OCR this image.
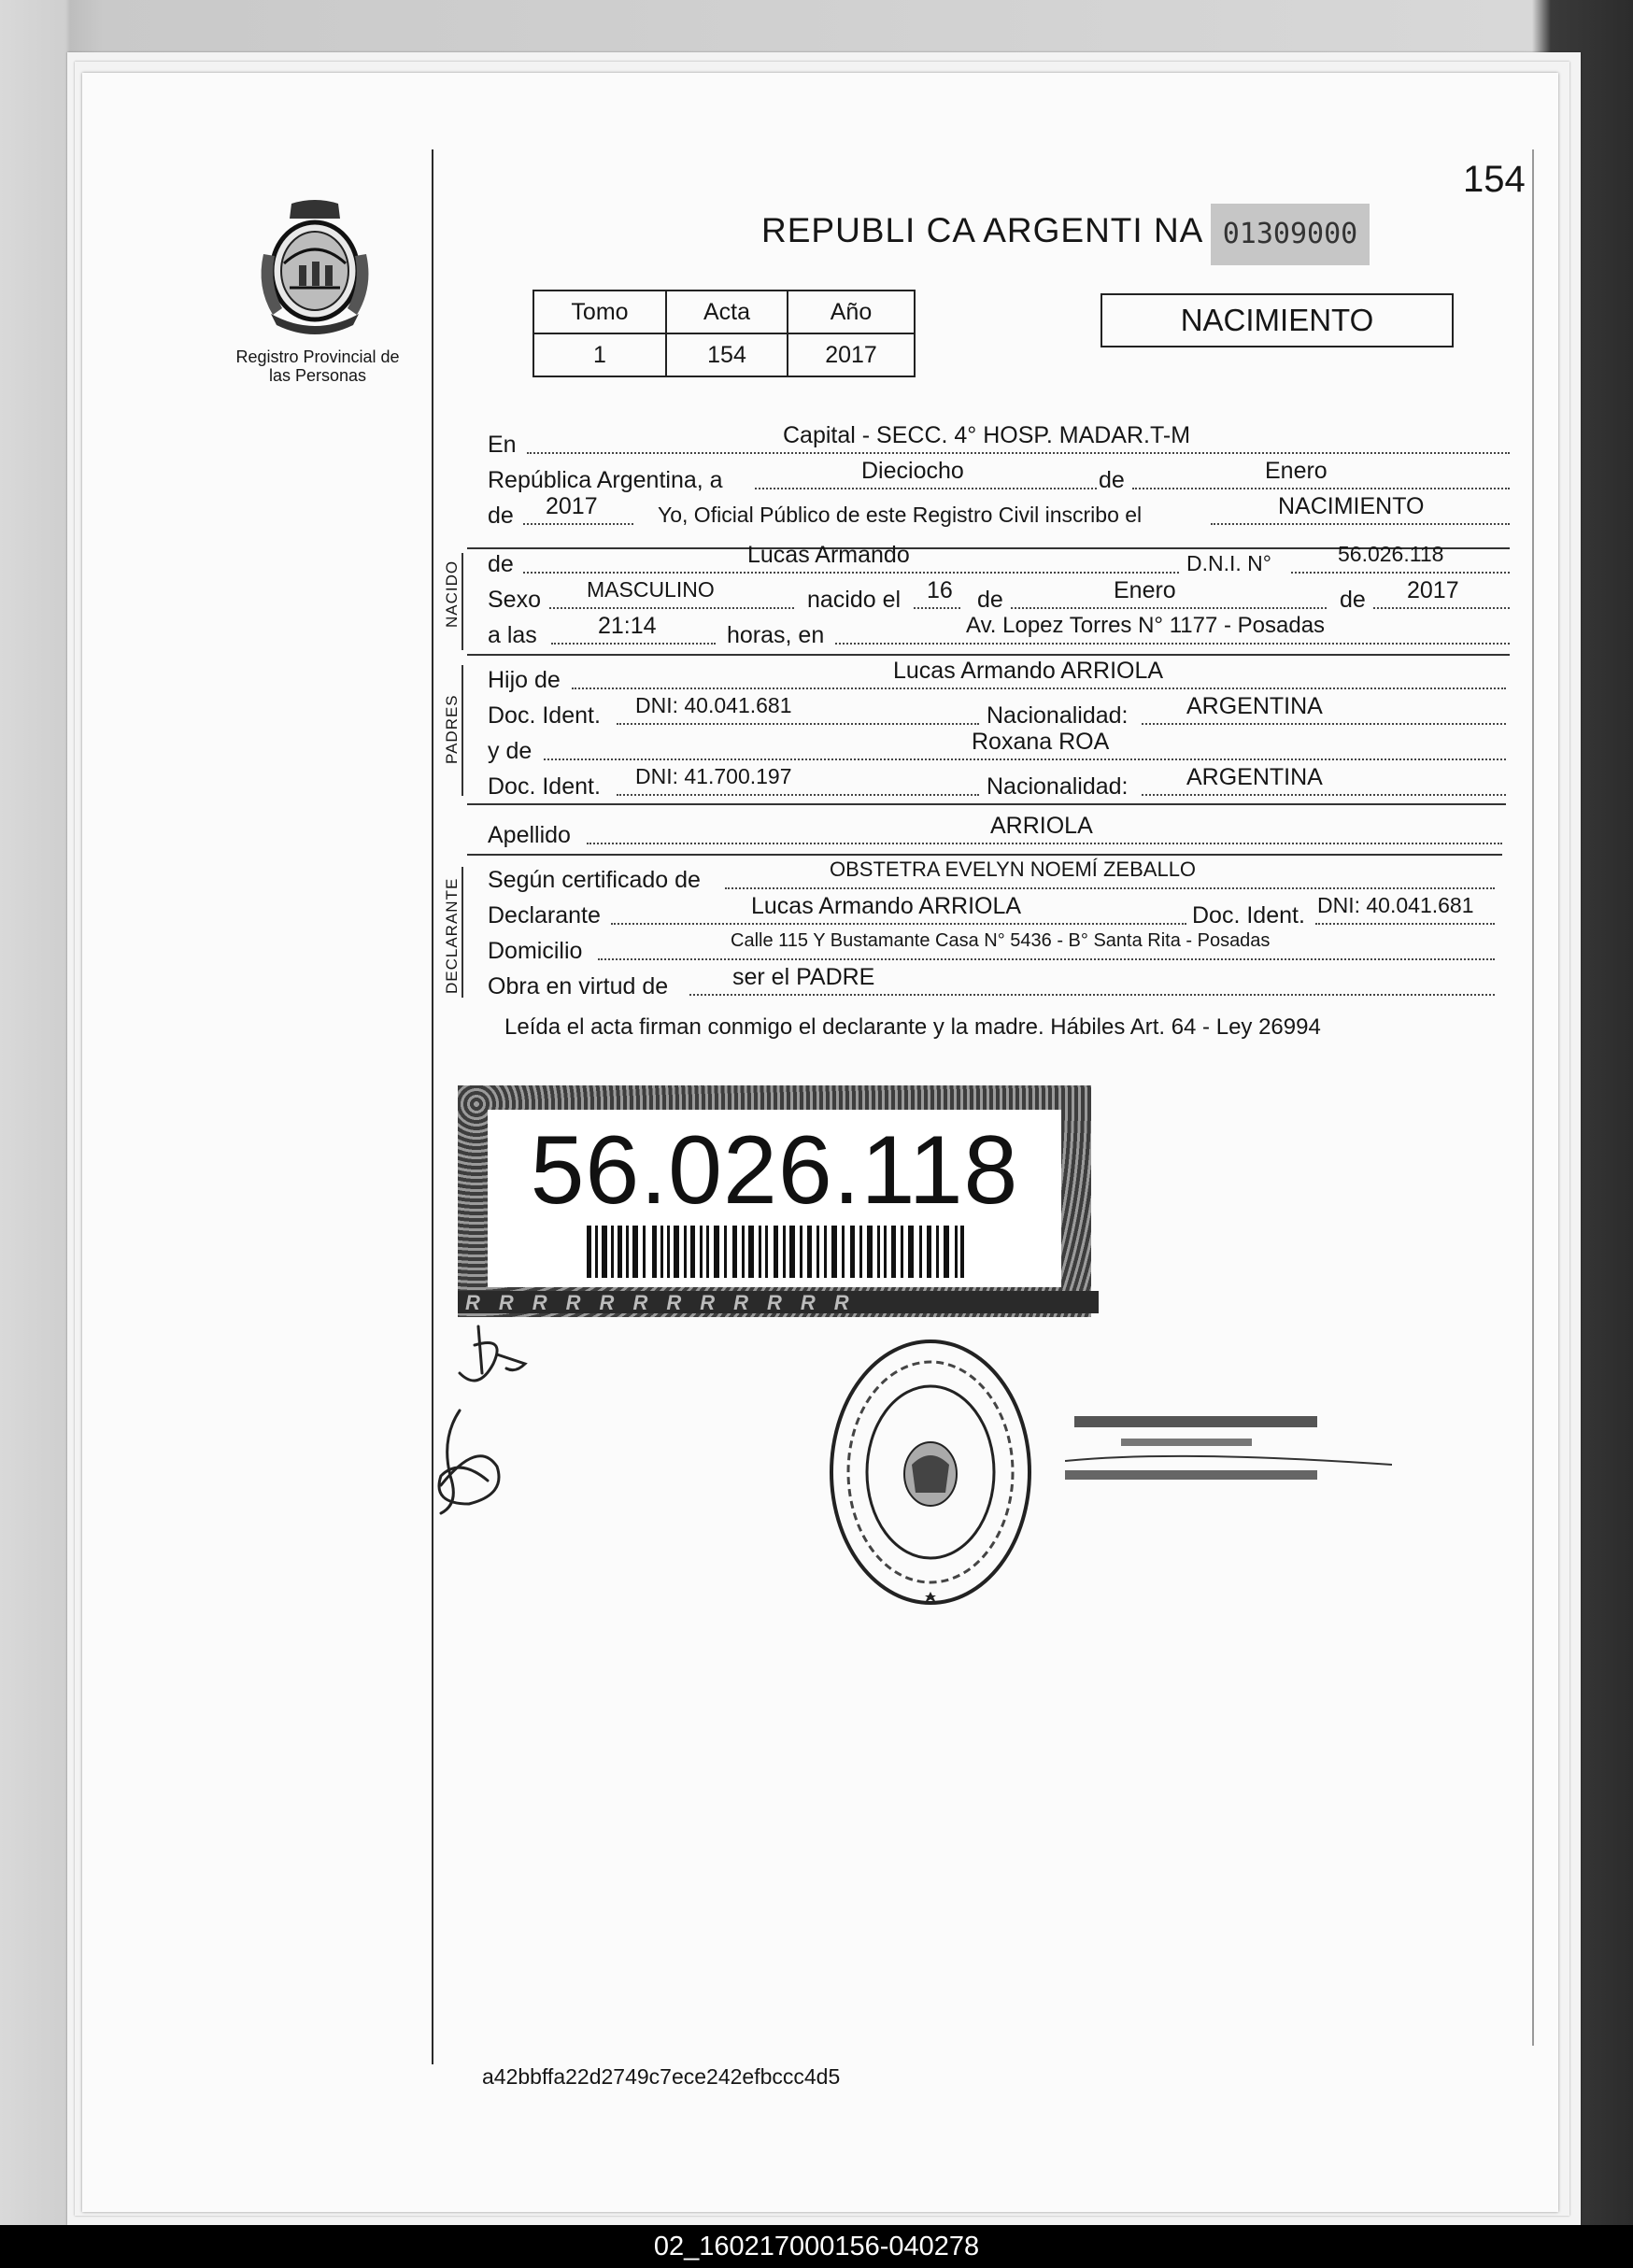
Registro Provincial de las Personas
154
REPUBLI CA ARGENTI NA 01309000
Tomo	Acta	Año
1	154	2017
NACIMIENTO
En	Capital - SECC. 4° HOSP. MADAR.T-M
República Argentina, a	Dieciocho	de	Enero
de 2017	Yo, Oficial Público de este Registro Civil inscribo el	NACIMIENTO
NACIDO de	Lucas Armando	D.N.I. N°	56.026.118
Sexo MASCULINO	nacido el 16 de	Enero	de 2017
a las	21:14	horas, en	Av. Lopez Torres N° 1177 - Posadas
PADRES
Hijo de	Lucas Armando ARRIOLA
Doc. Ident. DNI: 40.041.681	Nacionalidad:	ARGENTINA
y de	Roxana ROA
Doc. Ident. DNI: 41.700.197	Nacionalidad:	ARGENTINA
Apellido	ARRIOLA
DECLARANTE Según certificado de	OBSTETRA EVELYN NOEMÍ ZEBALLO
Declarante	Lucas Armando ARRIOLA	Doc. Ident. DNI: 40.041.681
Domicilio	Calle 115 Y Bustamante Casa N° 5436 - B° Santa Rita - Posadas
Obra en virtud de	ser el PADRE
Leída el acta firman conmigo el declarante y la madre. Hábiles Art. 64 - Ley 26994
56.026.118
RRRRRRRRRRRR
a42bbffa22d2749c7ece242efbccc4d5
02_160217000156-040278
